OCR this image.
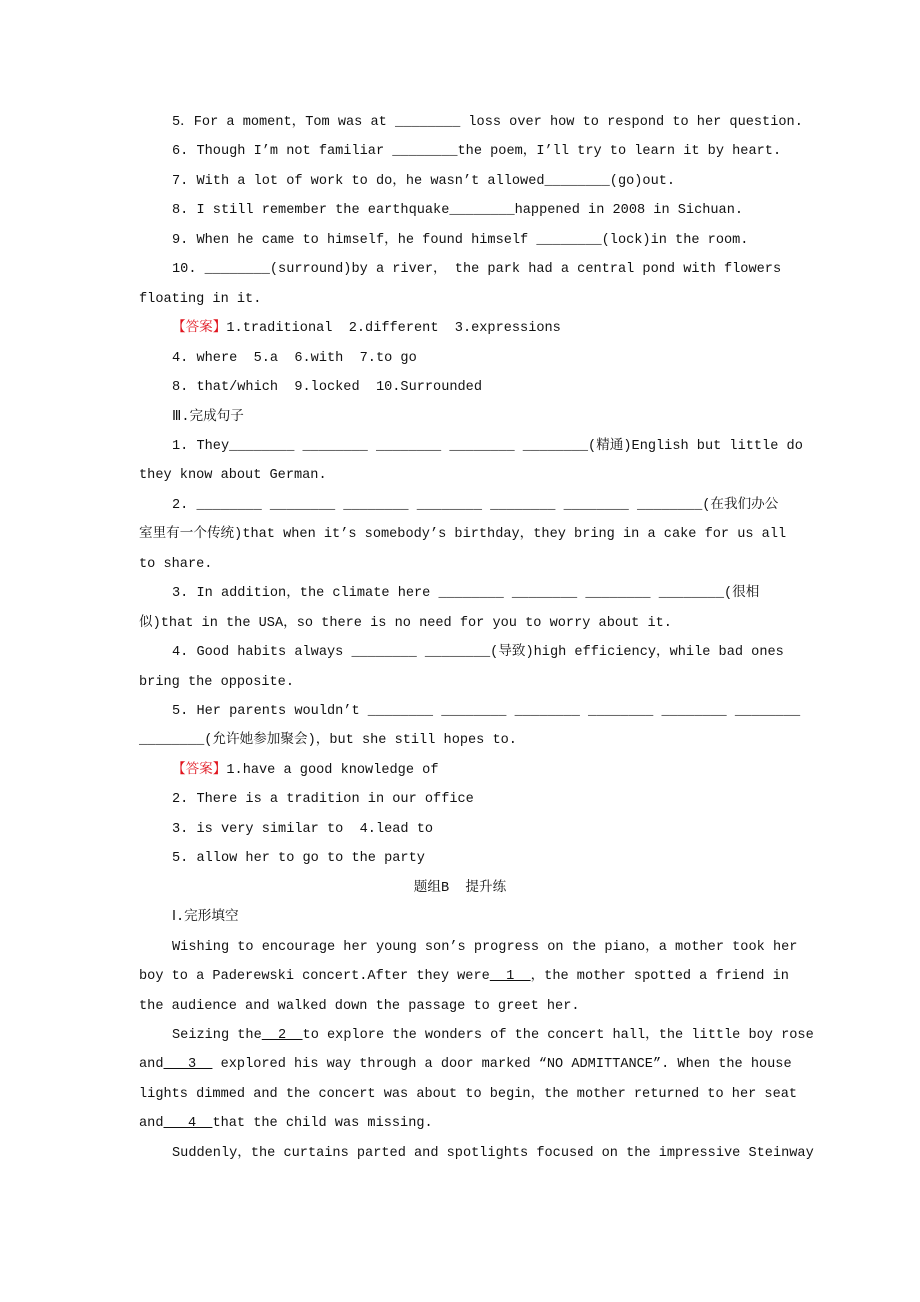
5．For a moment，Tom was at ________ loss over how to respond to her question.
6. Though I’m not familiar ________the poem，I’ll try to learn it by heart.
7. With a lot of work to do，he wasn’t allowed________(go)out.
8. I still remember the earthquake________happened in 2008 in Sichuan.
9. When he came to himself，he found himself ________(lock)in the room.
10. ________(surround)by a river， the park had a central pond with flowers
floating in it.
【答案】1.traditional  2.different  3.expressions
4. where  5.a  6.with  7.to go
8. that/which  9.locked  10.Surrounded
Ⅲ.完成句子
1. They________ ________ ________ ________ ________(精通)English but little do
they know about German.
2. ________ ________ ________ ________ ________ ________ ________(在我们办公
室里有一个传统)that when it’s somebody’s birthday，they bring in a cake for us all
to share.
3. In addition，the climate here ________ ________ ________ ________(很相
似)that in the USA，so there is no need for you to worry about it.
4. Good habits always ________ ________(导致)high efficiency，while bad ones
bring the opposite.
5. Her parents wouldn’t ________ ________ ________ ________ ________ ________
________(允许她参加聚会)，but she still hopes to.
【答案】1.have a good knowledge of
2. There is a tradition in our office
3. is very similar to  4.lead to
5. allow her to go to the party
题组B  提升练
Ⅰ.完形填空
Wishing to encourage her young son’s progress on the piano，a mother took her
boy to a Paderewski concert.After they were  1  ，the mother spotted a friend in
the audience and walked down the passage to greet her.
Seizing the  2  to explore the wonders of the concert hall，the little boy rose
and   3   explored his way through a door marked “NO ADMITTANCE”. When the house
lights dimmed and the concert was about to begin，the mother returned to her seat
and   4  that the child was missing.
Suddenly，the curtains parted and spotlights focused on the impressive Steinway
